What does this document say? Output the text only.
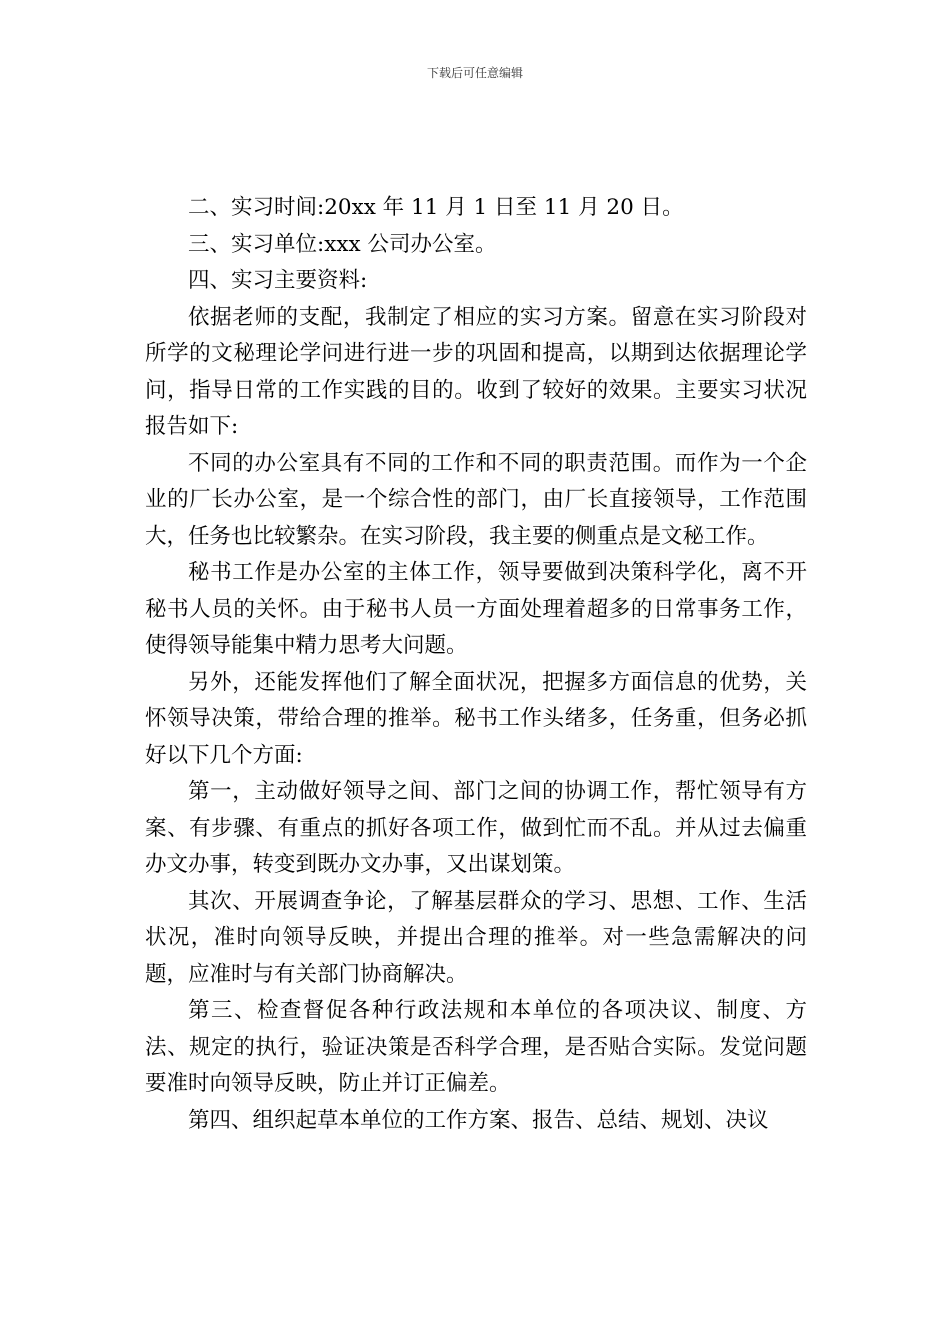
下载后可任意编辑

二、实习时间:20xx 年 11 月 1 日至 11 月 20 日。

三、实习单位:xxx 公司办公室。

四、实习主要资料:

依据老师的支配，我制定了相应的实习方案。留意在实习阶段对所学的文秘理论学问进行进一步的巩固和提高，以期到达依据理论学问，指导日常的工作实践的目的。收到了较好的效果。主要实习状况报告如下:

不同的办公室具有不同的工作和不同的职责范围。而作为一个企业的厂长办公室，是一个综合性的部门，由厂长直接领导，工作范围大，任务也比较繁杂。在实习阶段，我主要的侧重点是文秘工作。

秘书工作是办公室的主体工作，领导要做到决策科学化，离不开秘书人员的关怀。由于秘书人员一方面处理着超多的日常事务工作，使得领导能集中精力思考大问题。

另外，还能发挥他们了解全面状况，把握多方面信息的优势，关怀领导决策，带给合理的推举。秘书工作头绪多，任务重，但务必抓好以下几个方面:

第一，主动做好领导之间、部门之间的协调工作，帮忙领导有方案、有步骤、有重点的抓好各项工作，做到忙而不乱。并从过去偏重办文办事，转变到既办文办事，又出谋划策。

其次、开展调查争论，了解基层群众的学习、思想、工作、生活状况，准时向领导反映，并提出合理的推举。对一些急需解决的问题，应准时与有关部门协商解决。

第三、检查督促各种行政法规和本单位的各项决议、制度、方法、规定的执行，验证决策是否科学合理，是否贴合实际。发觉问题要准时向领导反映，防止并订正偏差。

第四、组织起草本单位的工作方案、报告、总结、规划、决议
